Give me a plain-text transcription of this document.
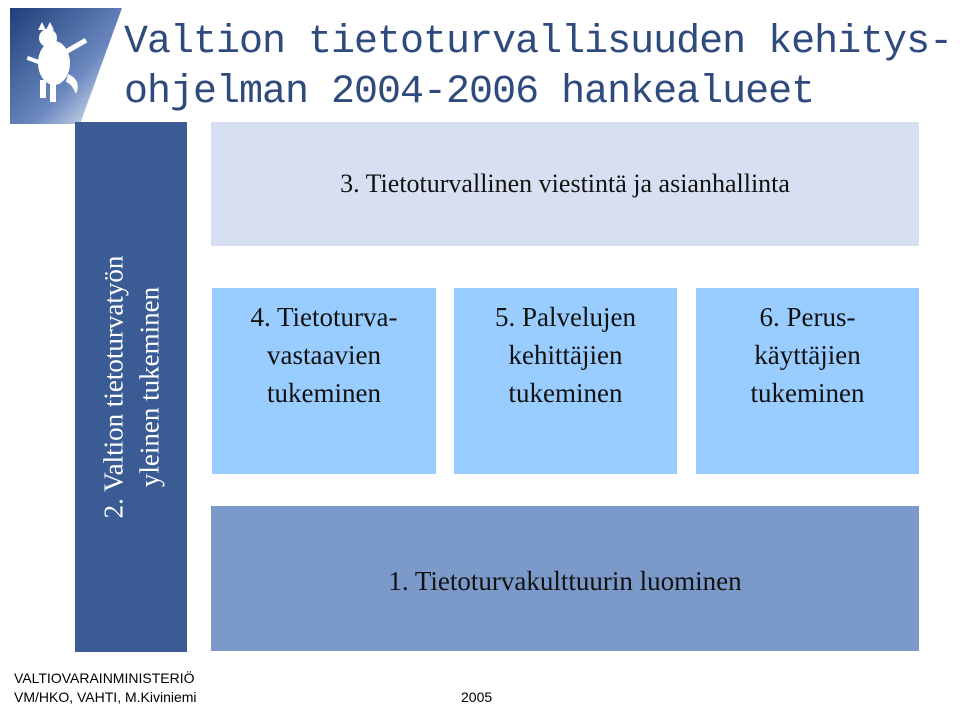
Valtion tietoturvallisuuden kehitys-
ohjelman 2004-2006 hankealueet
3. Tietoturvallinen viestintä ja asianhallinta
2. Valtion tietoturvatyön yleinen tukeminen	4. Tietoturva-
vastaavien
tukeminen
5. Palvelujen
kehittäjien
tukeminen
6. Perus-
käyttäjien
tukeminen
1. Tietoturvakulttuurin luominen
VALTIOVARAINMINISTERIÖ
VM/HKO, VAHTI, M.Kiviniemi	2005
